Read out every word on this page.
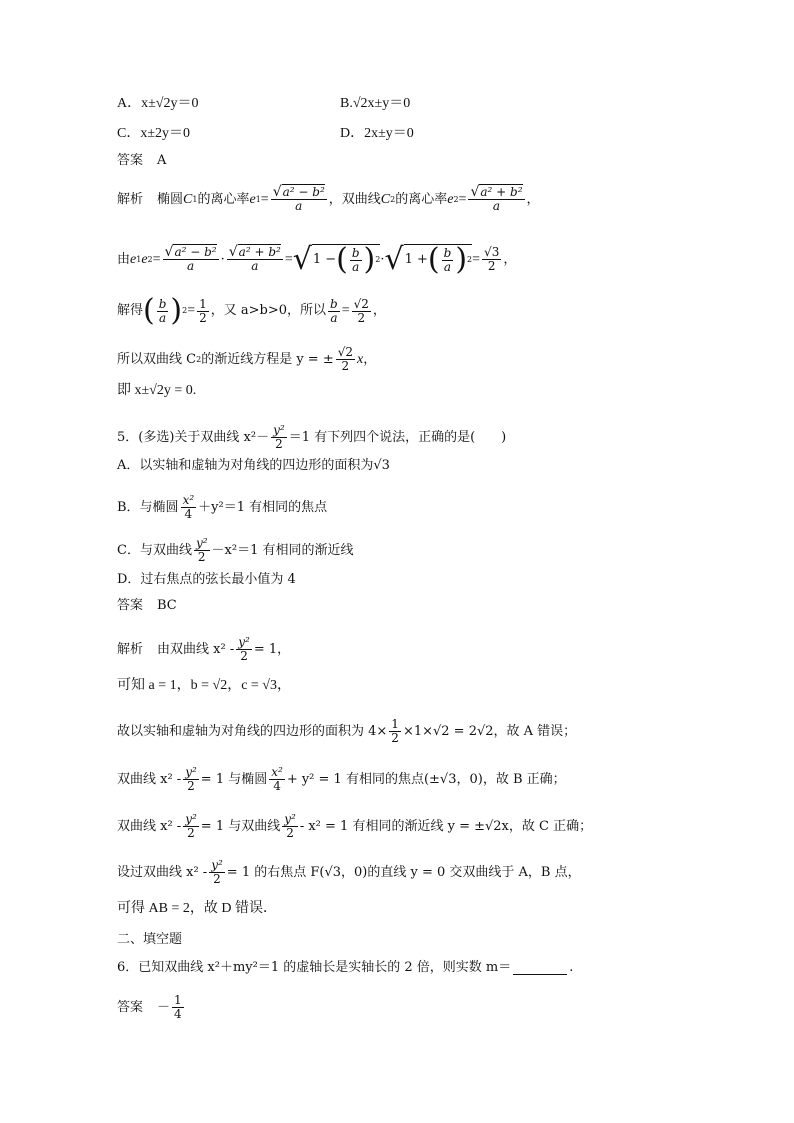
A．x±√2y＝0	B.√2x±y＝0
C．x±2y＝0	D．2x±y＝0
答案 A
解析 椭圆 C 1 的离心率 e $1 = \frac{\text{√a² − b²}}{a}$ ，双曲线 C 2 的离心率 e $2 = \frac{\text{√a² + b²}}{a}$ ，
由 e 1 e $2 = \frac{\text{√a² − b²}}{a} \cdot \frac{\text{√a² + b²}}{a}$ = √ 1 − ( $\frac{b}{a}$ ) 2 · √ 1 + ( $\frac{b}{a}$ ) $2 = \frac{√3}{2}$ ，
解得 ( $\frac{b}{a}$ ) $2 = \frac{1}{2}$ ，又 a>b>0，所以 $\frac{b}{a} = \frac{√2}{2}$ ，
所以双曲线 C 2 的渐近线方程是 y = ± $\frac{√2}{2}$ x ，
即 x±√2y = 0.
5．(多选)关于双曲线 $x^2- \frac{\text{y²}}{2} =1$ 有下列四个说法，正确的是(　　)
A．以实轴和虚轴为对角线的四边形的面积为√3
B．与椭圆 $\frac{\text{x²}}{4} +y^2=1$ 有相同的焦点
C．与双曲线 $\frac{\text{y²}}{2} -x^2=1$ 有相同的渐近线
D．过右焦点的弦长最小值为 4
答案 BC
解析 由双曲线 $x^2 - \frac{\text{y²}}{2} = 1$，
可知 a = 1，b = √2，c = √3，
故以实轴和虚轴为对角线的四边形的面积为 $4\times \frac{1}{2} \times 1\times√2 = 2√2$，故 A 错误；
双曲线 $x^2 - \frac{\text{y²}}{2} = 1$ 与椭圆 $\frac{\text{x²}}{4} + y^2 = 1$ 有相同的焦点(±√3，0)，故 B 正确；
双曲线 $x^2 - \frac{\text{y²}}{2} = 1$ 与双曲线 $\frac{\text{y²}}{2} - x^2 = 1$ 有相同的渐近线 y = ±√2x，故 C 正确；
设过双曲线 $x^2 - \frac{\text{y²}}{2} = 1$ 的右焦点 F(√3，0)的直线 y = 0 交双曲线于 A，B 点，
可得 AB = 2，故 D 错误．
二、填空题
6．已知双曲线 x²＋my²＝1 的虚轴长是实轴长的 2 倍，则实数 m＝	.
答案 － $\frac{1}{4}$
